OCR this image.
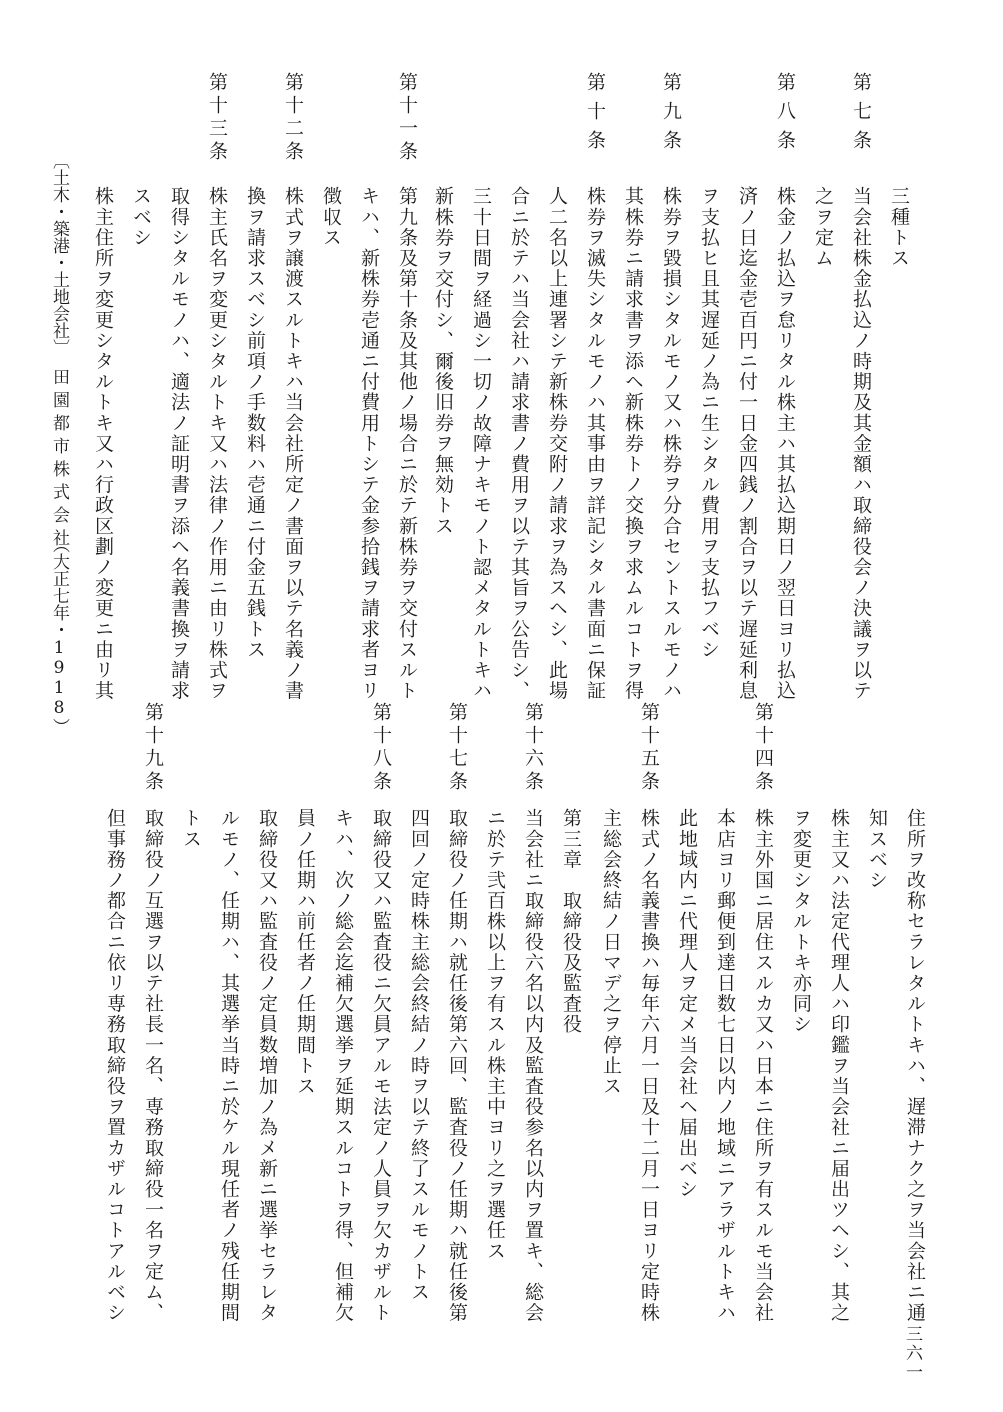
三種トス
第七条
当会社株金払込ノ時期及其金額ハ取締役会ノ決議ヲ以テ
之ヲ定ム
第八条
株金ノ払込ヲ怠リタル株主ハ其払込期日ノ翌日ヨリ払込
済ノ日迄金壱百円ニ付一日金四銭ノ割合ヲ以テ遅延利息
ヲ支払ヒ且其遅延ノ為ニ生シタル費用ヲ支払フベシ
第九条
株券ヲ毀損シタルモノ又ハ株券ヲ分合セントスルモノハ
其株券ニ請求書ヲ添ヘ新株券トノ交換ヲ求ムルコトヲ得
第十条
株券ヲ滅失シタルモノハ其事由ヲ詳記シタル書面ニ保証
人二名以上連署シテ新株券交附ノ請求ヲ為スヘシ、此場
合ニ於テハ当会社ハ請求書ノ費用ヲ以テ其旨ヲ公告シ、
三十日間ヲ経過シ一切ノ故障ナキモノト認メタルトキハ
新株券ヲ交付シ、爾後旧券ヲ無効トス
第十一条
第九条及第十条及其他ノ場合ニ於テ新株券ヲ交付スルト
キハ、新株券壱通ニ付費用トシテ金参拾銭ヲ請求者ヨリ
徴収ス
第十二条
株式ヲ譲渡スルトキハ当会社所定ノ書面ヲ以テ名義ノ書
換ヲ請求スベシ前項ノ手数料ハ壱通ニ付金五銭トス
第十三条
株主氏名ヲ変更シタルトキ又ハ法律ノ作用ニ由リ株式ヲ
取得シタルモノハ、適法ノ証明書ヲ添ヘ名義書換ヲ請求
スベシ
株主住所ヲ変更シタルトキ又ハ行政区劃ノ変更ニ由リ其
〔土木・築港・土地会社〕
田園都市株式会社
（大正七年・1918）
住所ヲ改称セラレタルトキハ、遅滞ナク之ヲ当会社ニ通
知スベシ
株主又ハ法定代理人ハ印鑑ヲ当会社ニ届出ツヘシ、其之
ヲ変更シタルトキ亦同シ
第十四条
株主外国ニ居住スルカ又ハ日本ニ住所ヲ有スルモ当会社
本店ヨリ郵便到達日数七日以内ノ地域ニアラザルトキハ
此地域内ニ代理人ヲ定メ当会社ヘ届出ベシ
第十五条
株式ノ名義書換ハ毎年六月一日及十二月一日ヨリ定時株
主総会終結ノ日マデ之ヲ停止ス
第三章　取締役及監査役
第十六条
当会社ニ取締役六名以内及監査役参名以内ヲ置キ、総会
ニ於テ弐百株以上ヲ有スル株主中ヨリ之ヲ選任ス
第十七条
取締役ノ任期ハ就任後第六回、監査役ノ任期ハ就任後第
四回ノ定時株主総会終結ノ時ヲ以テ終了スルモノトス
第十八条
取締役又ハ監査役ニ欠員アルモ法定ノ人員ヲ欠カザルト
キハ、次ノ総会迄補欠選挙ヲ延期スルコトヲ得、但補欠
員ノ任期ハ前任者ノ任期間トス
取締役又ハ監査役ノ定員数増加ノ為メ新ニ選挙セラレタ
ルモノ、任期ハ、其選挙当時ニ於ケル現任者ノ残任期間
トス
第十九条
取締役ノ互選ヲ以テ社長一名、専務取締役一名ヲ定ム、
但事務ノ都合ニ依リ専務取締役ヲ置カザルコトアルベシ
三六一
